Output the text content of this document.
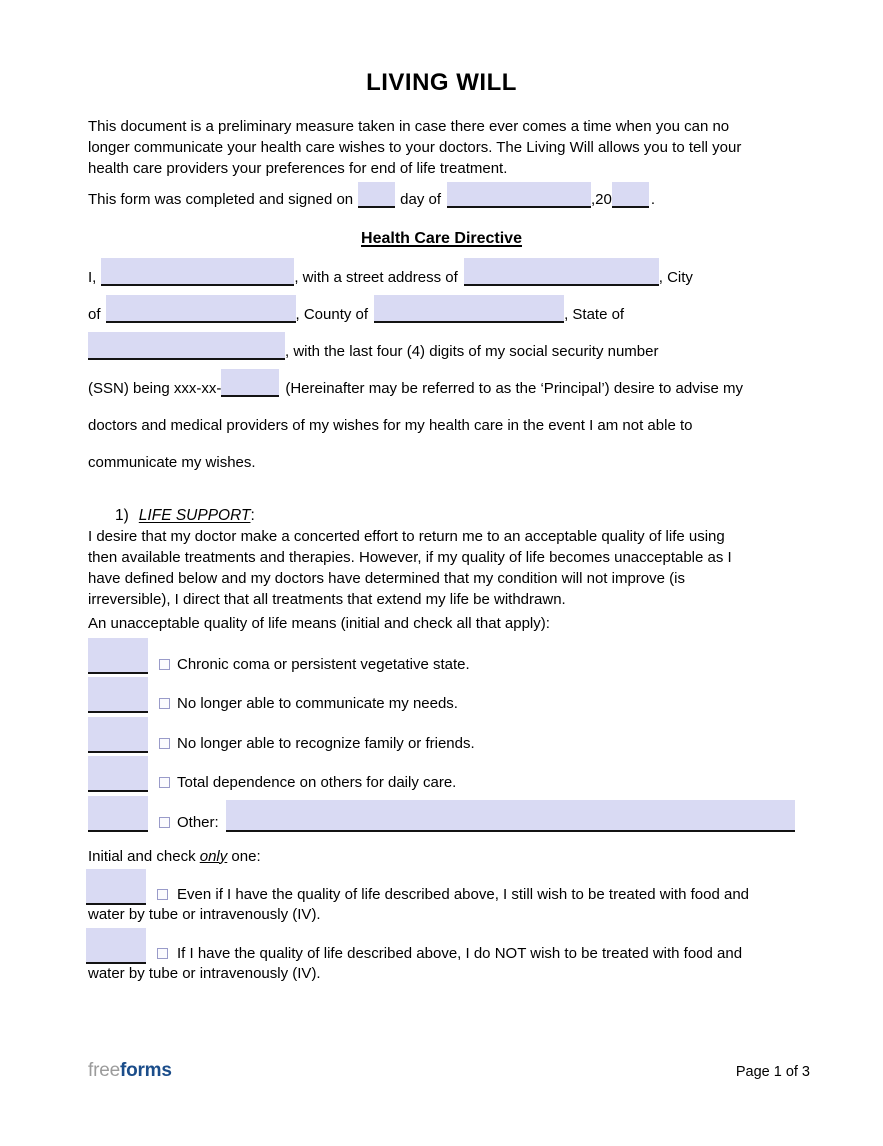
LIVING WILL
This document is a preliminary measure taken in case there ever comes a time when you can no
longer communicate your health care wishes to your doctors. The Living Will allows you to tell your
health care providers your preferences for end of life treatment.
This form was completed and signed on	day of	,20	.
Health Care Directive
I,	, with a street address of	, City
of	, County of	, State of
, with the last four (4) digits of my social security number
(SSN) being xxx-xx-	(Hereinafter may be referred to as the ‘Principal’) desire to advise my
doctors and medical providers of my wishes for my health care in the event I am not able to
communicate my wishes.
1) LIFE SUPPORT:
I desire that my doctor make a concerted effort to return me to an acceptable quality of life using
then available treatments and therapies. However, if my quality of life becomes unacceptable as I
have defined below and my doctors have determined that my condition will not improve (is
irreversible), I direct that all treatments that extend my life be withdrawn.
An unacceptable quality of life means (initial and check all that apply):
Chronic coma or persistent vegetative state.
No longer able to communicate my needs.
No longer able to recognize family or friends.
Total dependence on others for daily care.
Other:
Initial and check only one:

Even if I have the quality of life described above, I still wish to be treated with food and
water by tube or intravenously (IV).

If I have the quality of life described above, I do NOT wish to be treated with food and
water by tube or intravenously (IV).

freeforms	Page 1 of 3
